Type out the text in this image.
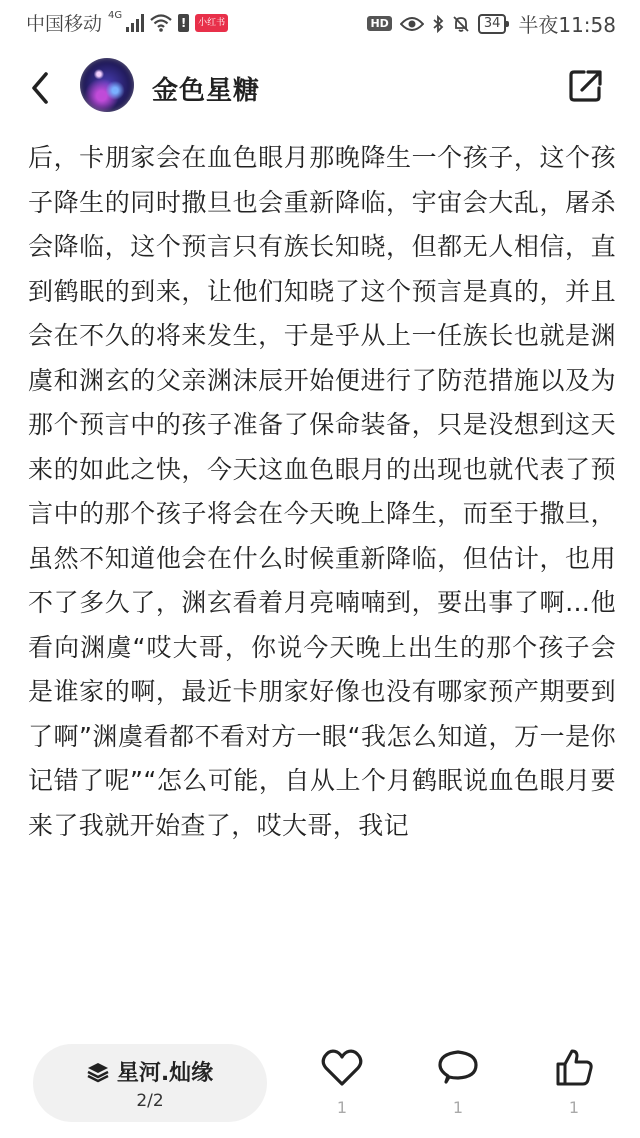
中国移动 4G	!	小红书	HD	34 半夜11:58
金色星糖

后，卡朋家会在血色眼月那晚降生一个孩子，这个孩子降生的同时撒旦也会重新降临，宇宙会大乱，屠杀会降临，这个预言只有族长知晓，但都无人相信，直到鹤眠的到来，让他们知晓了这个预言是真的，并且会在不久的将来发生，于是乎从上一任族长也就是渊虞和渊玄的父亲渊沫辰开始便进行了防范措施以及为那个预言中的孩子准备了保命装备，只是没想到这天来的如此之快，今天这血色眼月的出现也就代表了预言中的那个孩子将会在今天晚上降生，而至于撒旦，虽然不知道他会在什么时候重新降临，但估计，也用不了多久了，渊玄看着月亮喃喃到，要出事了啊…他看向渊虞“哎大哥，你说今天晚上出生的那个孩子会是谁家的啊，最近卡朋家好像也没有哪家预产期要到了啊”渊虞看都不看对方一眼“我怎么知道，万一是你记错了呢”“怎么可能，自从上个月鹤眠说血色眼月要来了我就开始查了，哎大哥，我记

星河.灿缘
2/2	1	1	1
